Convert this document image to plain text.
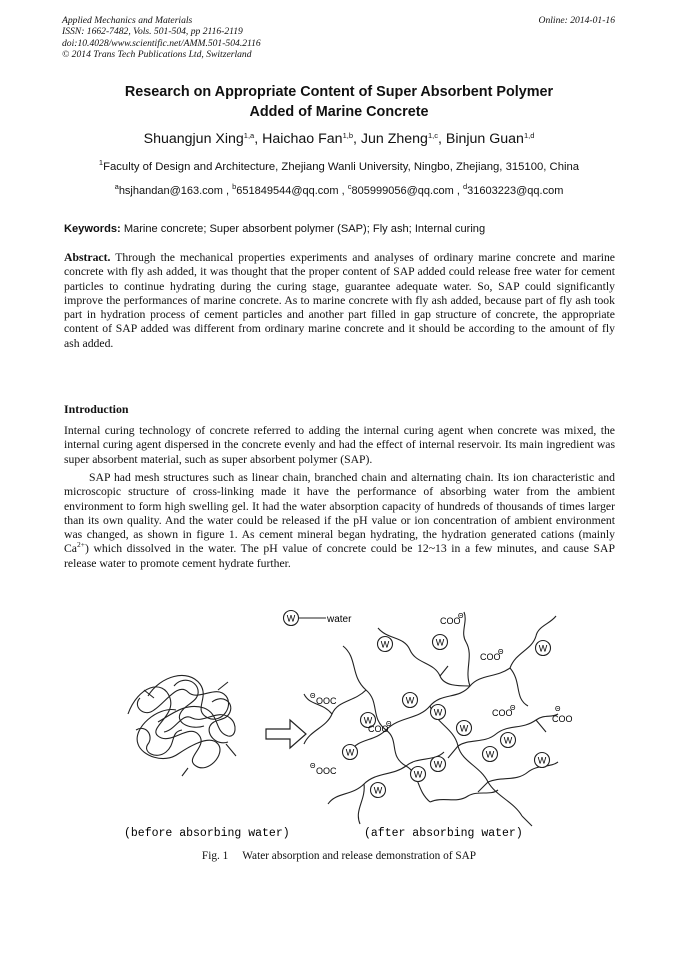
Applied Mechanics and Materials
ISSN: 1662-7482, Vols. 501-504, pp 2116-2119
doi:10.4028/www.scientific.net/AMM.501-504.2116
© 2014 Trans Tech Publications Ltd, Switzerland
Online: 2014-01-16
Research on Appropriate Content of Super Absorbent Polymer
Added of Marine Concrete
Shuangjun Xing$^{1,a}$, Haichao Fan$^{1,b}$, Jun Zheng$^{1,c}$, Binjun Guan$^{1,d}$
$^1$Faculty of Design and Architecture, Zhejiang Wanli University, Ningbo, Zhejiang, 315100, China
$^a$hsjhandan@163.com , $^b$651849544@qq.com , $^c$805999056@qq.com , $^d$31603223@qq.com
Keywords: Marine concrete; Super absorbent polymer (SAP); Fly ash; Internal curing
Abstract. Through the mechanical properties experiments and analyses of ordinary marine concrete and marine concrete with fly ash added, it was thought that the proper content of SAP added could release free water for cement particles to continue hydrating during the curing stage, guarantee adequate water. So, SAP could significantly improve the performances of marine concrete. As to marine concrete with fly ash added, because part of fly ash took part in hydration process of cement particles and another part filled in gap structure of concrete, the appropriate content of SAP added was different from ordinary marine concrete and it should be according to the amount of fly ash added.
Introduction
Internal curing technology of concrete referred to adding the internal curing agent when concrete was mixed, the internal curing agent dispersed in the concrete evenly and had the effect of internal reservoir. Its main ingredient was super absorbent material, such as super absorbent polymer (SAP).
SAP had mesh structures such as linear chain, branched chain and alternating chain. Its ion characteristic and microscopic structure of cross-linking made it have the performance of absorbing water from the ambient environment to form high swelling gel. It had the water absorption capacity of hundreds of thousands of times larger than its own quality. And the water could be released if the pH value or ion concentration of ambient environment was changed, as shown in figure 1. As cement mineral began hydrating, the hydration generated cations (mainly $Ca^{2+}$) which dissolved in the water. The pH value of concrete could be 12~13 in a few minutes, and cause SAP release water to promote cement hydrate further.
W	water
W	W
W
W
W
W
W
W
W
W
W
W
W
W
COO
Θ
COO
Θ
COO
Θ
COO
Θ
COO
Θ
OOC
Θ
OOC
Θ
(before absorbing water)	(after absorbing water)
Fig. 1 Water absorption and release demonstration of SAP
